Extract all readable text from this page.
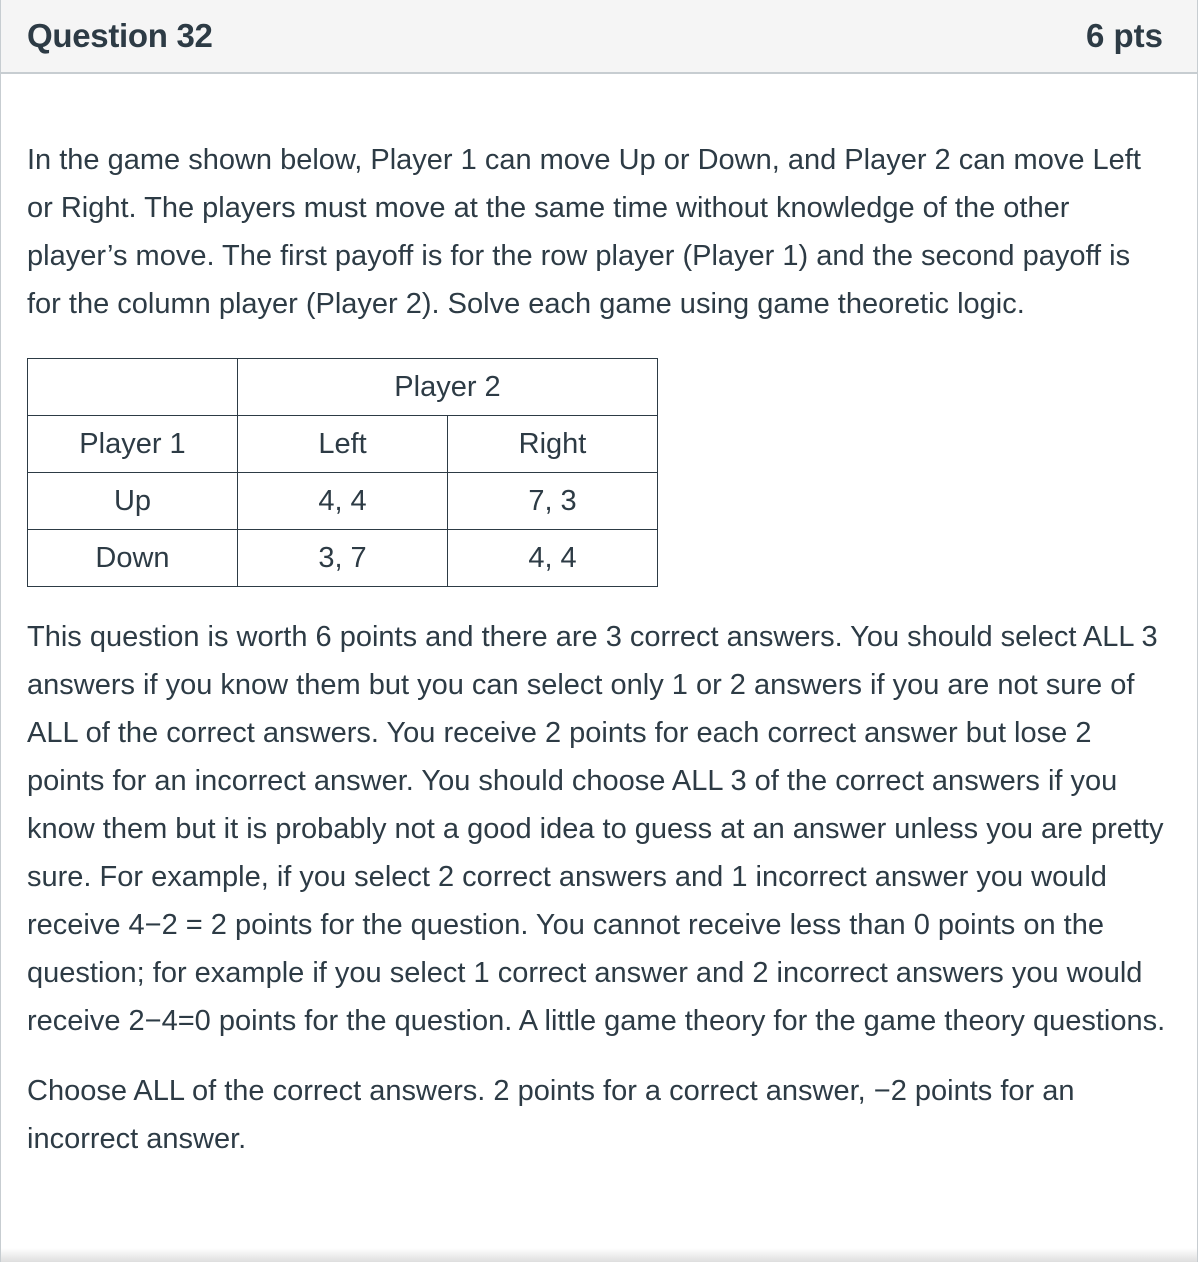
Question 32	6 pts

In the game shown below, Player 1 can move Up or Down, and Player 2 can move Left or Right. The players must move at the same time without knowledge of the other player’s move. The first payoff is for the row player (Player 1) and the second payoff is for the column player (Player 2). Solve each game using game theoretic logic.

	Player 2	
Player 1	Left	Right
Up	4, 4	7, 3
Down	3, 7	4, 4

This question is worth 6 points and there are 3 correct answers. You should select ALL 3 answers if you know them but you can select only 1 or 2 answers if you are not sure of ALL of the correct answers. You receive 2 points for each correct answer but lose 2 points for an incorrect answer. You should choose ALL 3 of the correct answers if you know them but it is probably not a good idea to guess at an answer unless you are pretty sure. For example, if you select 2 correct answers and 1 incorrect answer you would receive 4−2 = 2 points for the question. You cannot receive less than 0 points on the question; for example if you select 1 correct answer and 2 incorrect answers you would receive 2−4=0 points for the question. A little game theory for the game theory questions.

Choose ALL of the correct answers. 2 points for a correct answer, −2 points for an incorrect answer.
